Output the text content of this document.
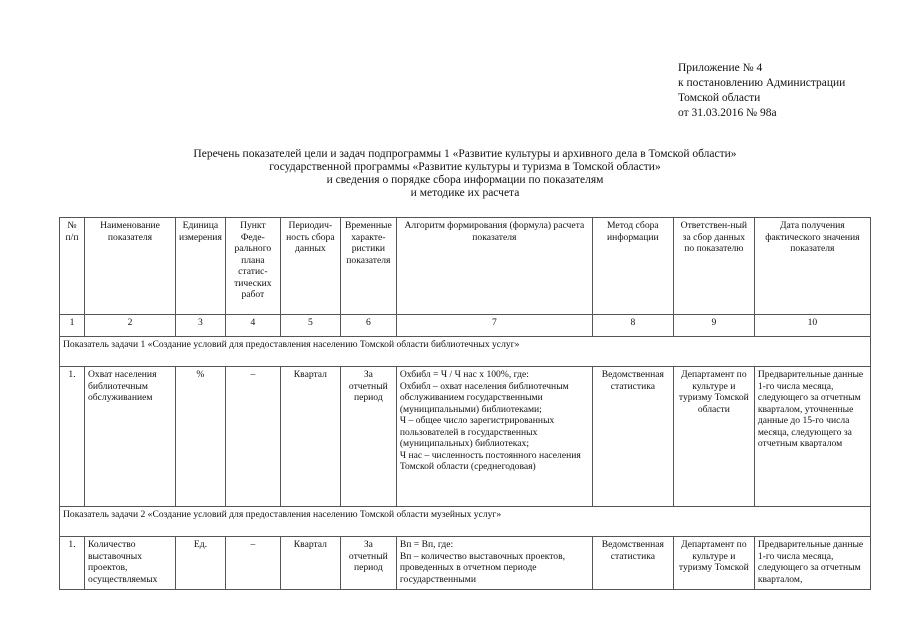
Приложение № 4
к постановлению Администрации
Томской области
от 31.03.2016 № 98а
Перечень показателей цели и задач подпрограммы 1 «Развитие культуры и архивного дела в Томской области»
государственной программы «Развитие культуры и туризма в Томской области»
и сведения о порядке сбора информации по показателям
и методике их расчета
№ п/п	Наименование показателя	Единица измерения	Пункт Феде-рального плана статис-тических работ	Периодич-ность сбора данных	Временные характе-ристики показателя	Алгоритм формирования (формула) расчета показателя	Метод сбора информации	Ответствен-ный за сбор данных по показателю	Дата получения фактического значения показателя
1	2	3	4	5	6	7	8	9	10
Показатель задачи 1 «Создание условий для предоставления населению Томской области библиотечных услуг»									
1.	Охват населения библиотечным обслуживанием	%	–	Квартал	За отчетный период	Oхбибл = Ч / Ч нас х 100%, где:
Oхбибл – охват населения библиотечным обслуживанием государственными (муниципальными) библиотеками;
Ч – общее число зарегистрированных пользователей в государственных (муниципальных) библиотеках;
Ч нас – численность постоянного населения Томской области (среднегодовая)	Ведомственная статистика	Департамент по культуре и туризму Томской области	Предварительные данные 1-го числа месяца, следующего за отчетным кварталом, уточненные данные до 15-го числа месяца, следующего за отчетным кварталом
Показатель задачи 2 «Создание условий для предоставления населению Томской области музейных услуг»									
1.	Количество выставочных проектов, осуществляемых	Ед.	–	Квартал	За отчетный период	Вп = Вп, где:
Вп – количество выставочных проектов, проведенных в отчетном периоде государственными	Ведомственная статистика	Департамент по культуре и туризму Томской	Предварительные данные 1-го числа месяца, следующего за отчетным кварталом,
